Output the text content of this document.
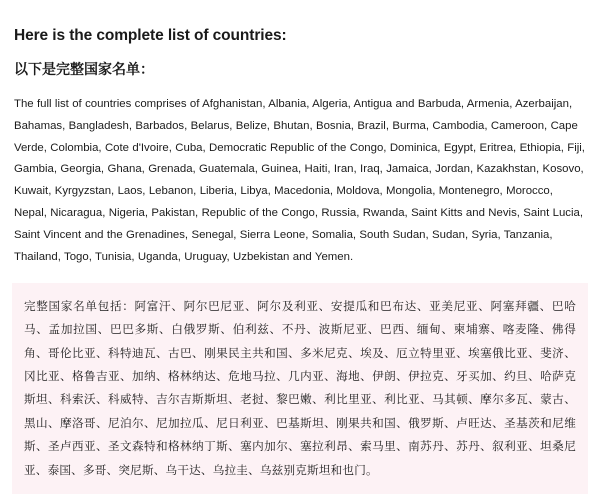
Here is the complete list of countries:
以下是完整国家名单：

The full list of countries comprises of Afghanistan, Albania, Algeria, Antigua and Barbuda, Armenia, Azerbaijan, Bahamas, Bangladesh, Barbados, Belarus, Belize, Bhutan, Bosnia, Brazil, Burma, Cambodia, Cameroon, Cape Verde, Colombia, Cote d'Ivoire, Cuba, Democratic Republic of the Congo, Dominica, Egypt, Eritrea, Ethiopia, Fiji, Gambia, Georgia, Ghana, Grenada, Guatemala, Guinea, Haiti, Iran, Iraq, Jamaica, Jordan, Kazakhstan, Kosovo, Kuwait, Kyrgyzstan, Laos, Lebanon, Liberia, Libya, Macedonia, Moldova, Mongolia, Montenegro, Morocco, Nepal, Nicaragua, Nigeria, Pakistan, Republic of the Congo, Russia, Rwanda, Saint Kitts and Nevis, Saint Lucia, Saint Vincent and the Grenadines, Senegal, Sierra Leone, Somalia, South Sudan, Sudan, Syria, Tanzania, Thailand, Togo, Tunisia, Uganda, Uruguay, Uzbekistan and Yemen.

完整国家名单包括：阿富汗、阿尔巴尼亚、阿尔及利亚、安提瓜和巴布达、亚美尼亚、阿塞拜疆、巴哈马、孟加拉国、巴巴多斯、白俄罗斯、伯利兹、不丹、波斯尼亚、巴西、缅甸、柬埔寨、喀麦隆、佛得角、哥伦比亚、科特迪瓦、古巴、刚果民主共和国、多米尼克、埃及、厄立特里亚、埃塞俄比亚、斐济、冈比亚、格鲁吉亚、加纳、格林纳达、危地马拉、几内亚、海地、伊朗、伊拉克、牙买加、约旦、哈萨克斯坦、科索沃、科威特、吉尔吉斯斯坦、老挝、黎巴嫩、利比里亚、利比亚、马其顿、摩尔多瓦、蒙古、黑山、摩洛哥、尼泊尔、尼加拉瓜、尼日利亚、巴基斯坦、刚果共和国、俄罗斯、卢旺达、圣基茨和尼维斯、圣卢西亚、圣文森特和格林纳丁斯、塞内加尔、塞拉利昂、索马里、南苏丹、苏丹、叙利亚、坦桑尼亚、泰国、多哥、突尼斯、乌干达、乌拉圭、乌兹别克斯坦和也门。
